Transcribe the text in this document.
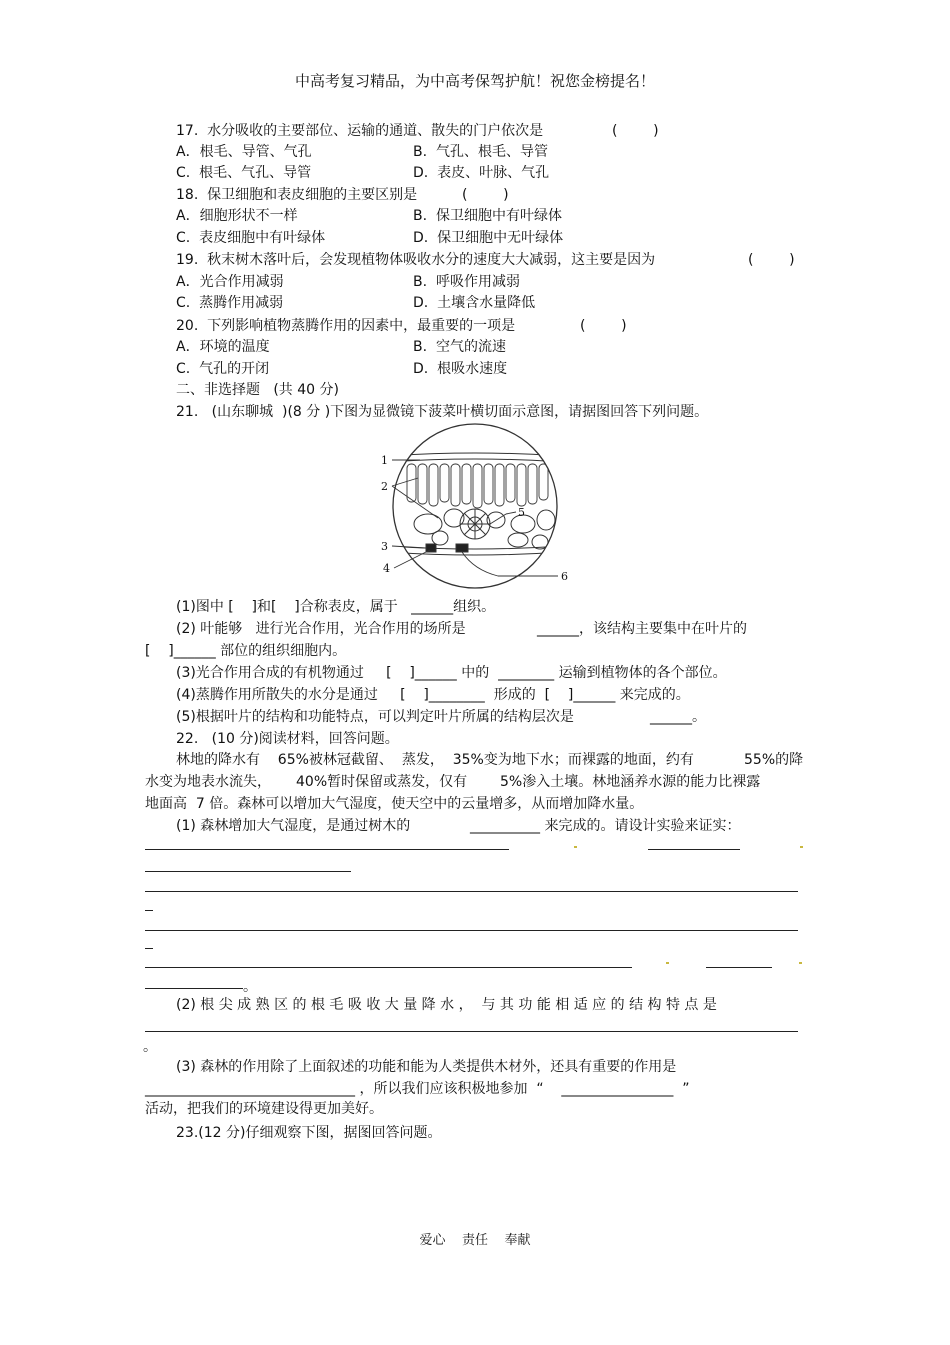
中高考复习精品，为中高考保驾护航！祝您金榜提名！
17.  水分吸收的主要部位、运输的通道、散失的门户依次是	(        )
A．根毛、导管、气孔	B.  气孔、根毛、导管
C.  根毛、气孔、导管	D.  表皮、叶脉、气孔
18.  保卫细胞和表皮细胞的主要区别是	(        )
A．细胞形状不一样	B.  保卫细胞中有叶绿体
C.  表皮细胞中有叶绿体	D.  保卫细胞中无叶绿体
19.  秋末树木落叶后，会发现植物体吸收水分的速度大大减弱，这主要是因为	(        )
A．光合作用减弱	B.  呼吸作用减弱
C.  蒸腾作用减弱	D.  土壤含水量降低
20.  下列影响植物蒸腾作用的因素中，最重要的一项是	(        )
A．环境的温度	B.  空气的流速
C.  气孔的开闭	D.  根吸水速度
二、非选择题   (共 40 分)
21.   (山东聊城  )(8 分 )下图为显微镜下菠菜叶横切面示意图，请据图回答下列问题。
1
2
3
4
5
6
(1)图中 [    ]和[    ]合称表皮，属于   ______组织。
(2) 叶能够   进行光合作用，光合作用的场所是	______，该结构主要集中在叶片的
[    ]______ 部位的组织细胞内。
(3)光合作用合成的有机物通过     [    ]______ 中的  ________ 运输到植物体的各个部位。
(4)蒸腾作用所散失的水分是通过     [    ]________  形成的  [    ]______ 来完成的。
(5)根据叶片的结构和功能特点，可以判定叶片所属的结构层次是	______。
22.   (10 分)阅读材料，回答问题。
林地的降水有    65%被林冠截留、  蒸发，  35%变为地下水；而裸露的地面，约有	55%的降
水变为地表水流失， 40%暂时保留或蒸发，仅有 5%渗入土壤。林地涵养水源的能力比裸露
地面高  7 倍。森林可以增加大气湿度，使天空中的云量增多，从而增加降水量。
(1) 森林增加大气湿度，是通过树木的	__________ 来完成的。请设计实验来证实：
。
(2) 根 尖 成 熟 区 的 根 毛 吸 收 大 量 降 水 ，  与 其 功 能 相 适 应 的 结 构 特 点 是
。
(3) 森林的作用除了上面叙述的功能和能为人类提供木材外，还具有重要的作用是
______________________________ ，所以我们应该积极地参加  “    ________________  ”
活动，把我们的环境建设得更加美好。
23.(12 分)仔细观察下图，据图回答问题。
爱心    责任    奉献
